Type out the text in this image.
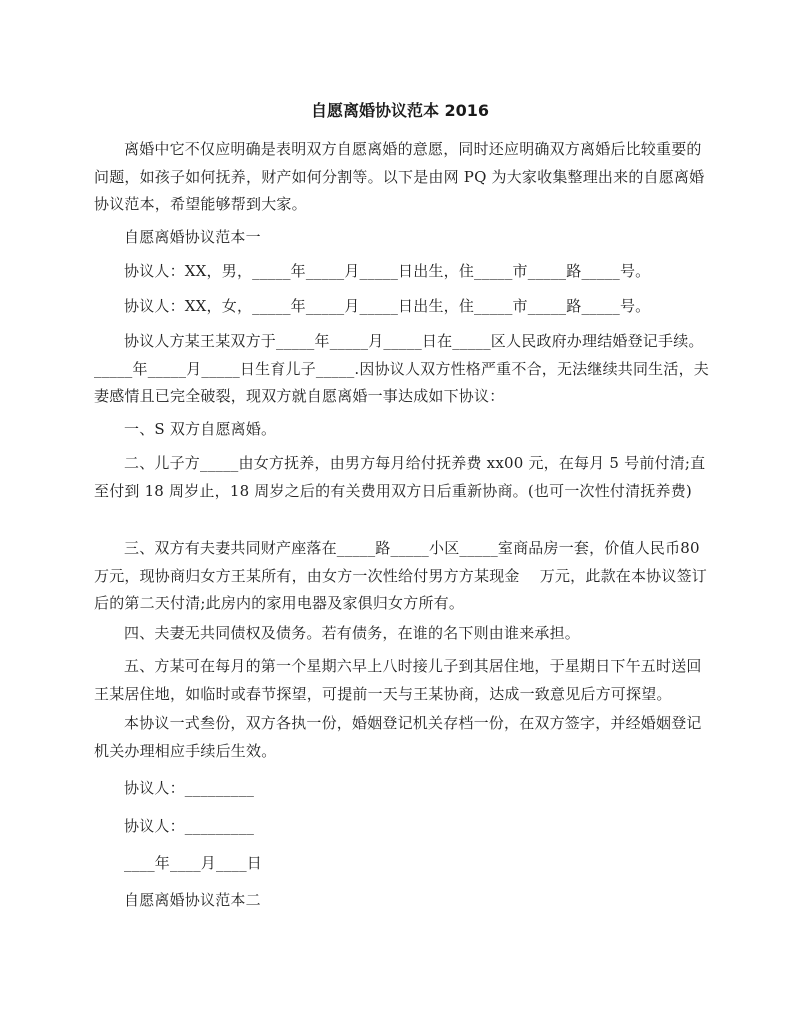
自愿离婚协议范本 2016

离婚中它不仅应明确是表明双方自愿离婚的意愿，同时还应明确双方离婚后比较重要的问题，如孩子如何抚养，财产如何分割等。以下是由网 PQ 为大家收集整理出来的自愿离婚协议范本，希望能够帮到大家。

自愿离婚协议范本一

协议人：XX，男，_____年_____月_____日出生，住_____市_____路_____号。

协议人：XX，女，_____年_____月_____日出生，住_____市_____路_____号。

协议人方某王某双方于_____年_____月_____日在_____区人民政府办理结婚登记手续。_____年_____月_____日生育儿子_____.因协议人双方性格严重不合，无法继续共同生活，夫妻感情且已完全破裂，现双方就自愿离婚一事达成如下协议：

一、S 双方自愿离婚。

二、儿子方_____由女方抚养，由男方每月给付抚养费 xx00 元，在每月 5 号前付清;直至付到 18 周岁止，18 周岁之后的有关费用双方日后重新协商。(也可一次性付清抚养费)

三、双方有夫妻共同财产座落在_____路_____小区_____室商品房一套，价值人民币80 万元，现协商归女方王某所有，由女方一次性给付男方方某现金　 万元，此款在本协议签订后的第二天付清;此房内的家用电器及家俱归女方所有。

四、夫妻无共同债权及债务。若有债务，在谁的名下则由谁来承担。

五、方某可在每月的第一个星期六早上八时接儿子到其居住地，于星期日下午五时送回王某居住地，如临时或春节探望，可提前一天与王某协商，达成一致意见后方可探望。

本协议一式叁份，双方各执一份，婚姻登记机关存档一份，在双方签字，并经婚姻登记机关办理相应手续后生效。

协议人：_________

协议人：_________

____年____月____日

自愿离婚协议范本二
